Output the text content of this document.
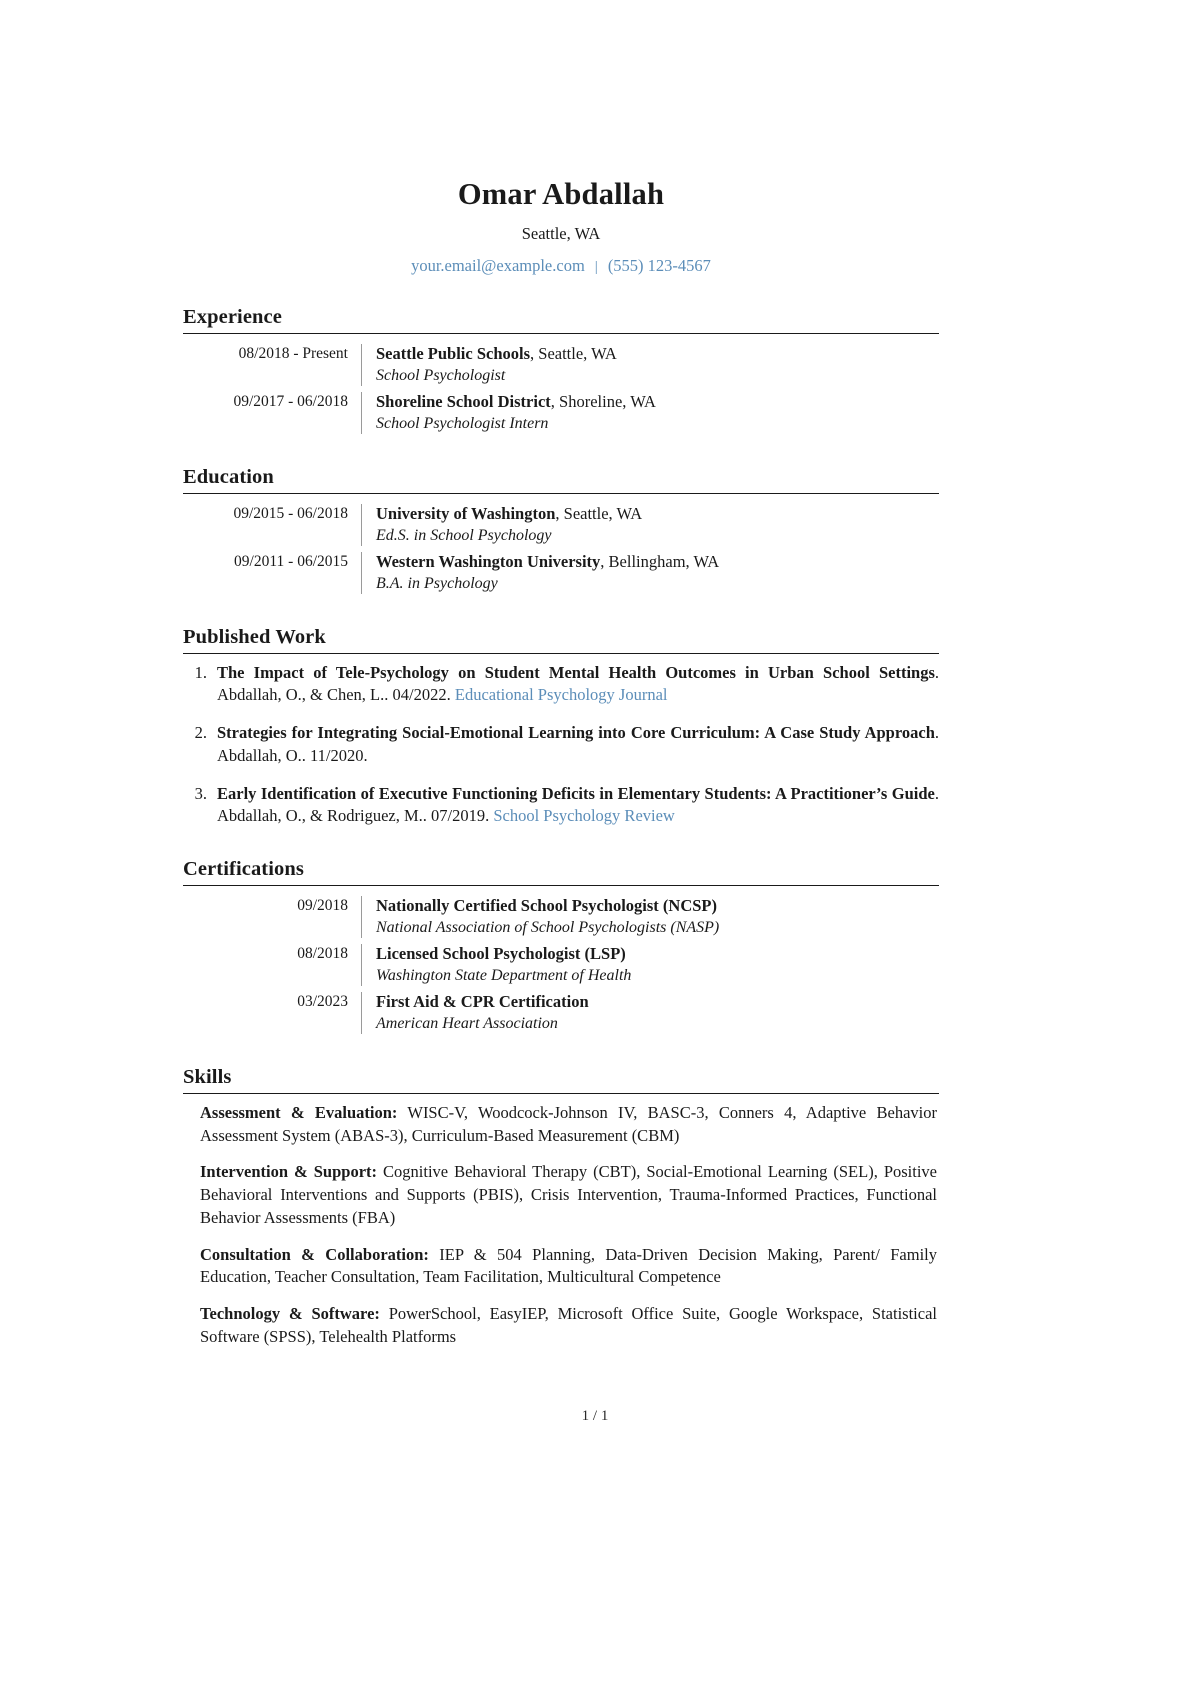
Omar Abdallah
Seattle, WA
your.email@example.com | (555) 123-4567
Experience
08/2018 - Present	Seattle Public Schools, Seattle, WA
School Psychologist
09/2017 - 06/2018	Shoreline School District, Shoreline, WA
School Psychologist Intern
Education
09/2015 - 06/2018	University of Washington, Seattle, WA
Ed.S. in School Psychology
09/2011 - 06/2015	Western Washington University, Bellingham, WA
B.A. in Psychology
Published Work
1. The Impact of Tele-Psychology on Student Mental Health Outcomes in Urban School Settings. Abdallah, O., & Chen, L.. 04/2022. Educational Psychology Journal
2. Strategies for Integrating Social-Emotional Learning into Core Curriculum: A Case Study Approach. Abdallah, O.. 11/2020.
3. Early Identification of Executive Functioning Deficits in Elementary Students: A Practitioner’s Guide. Abdallah, O., & Rodriguez, M.. 07/2019. School Psychology Review
Certifications
09/2018	Nationally Certified School Psychologist (NCSP)
National Association of School Psychologists (NASP)
08/2018	Licensed School Psychologist (LSP)
Washington State Department of Health
03/2023	First Aid & CPR Certification
American Heart Association
Skills
Assessment & Evaluation: WISC-V, Woodcock-Johnson IV, BASC-3, Conners 4, Adaptive Behavior Assessment System (ABAS-3), Curriculum-Based Measurement (CBM)
Intervention & Support: Cognitive Behavioral Therapy (CBT), Social-Emotional Learning (SEL), Positive Behavioral Interventions and Supports (PBIS), Crisis Intervention, Trauma-Informed Practices, Functional Behavior Assessments (FBA)
Consultation & Collaboration: IEP & 504 Planning, Data-Driven Decision Making, Parent/ Family Education, Teacher Consultation, Team Facilitation, Multicultural Competence
Technology & Software: PowerSchool, EasyIEP, Microsoft Office Suite, Google Workspace, Statistical Software (SPSS), Telehealth Platforms
1 / 1
